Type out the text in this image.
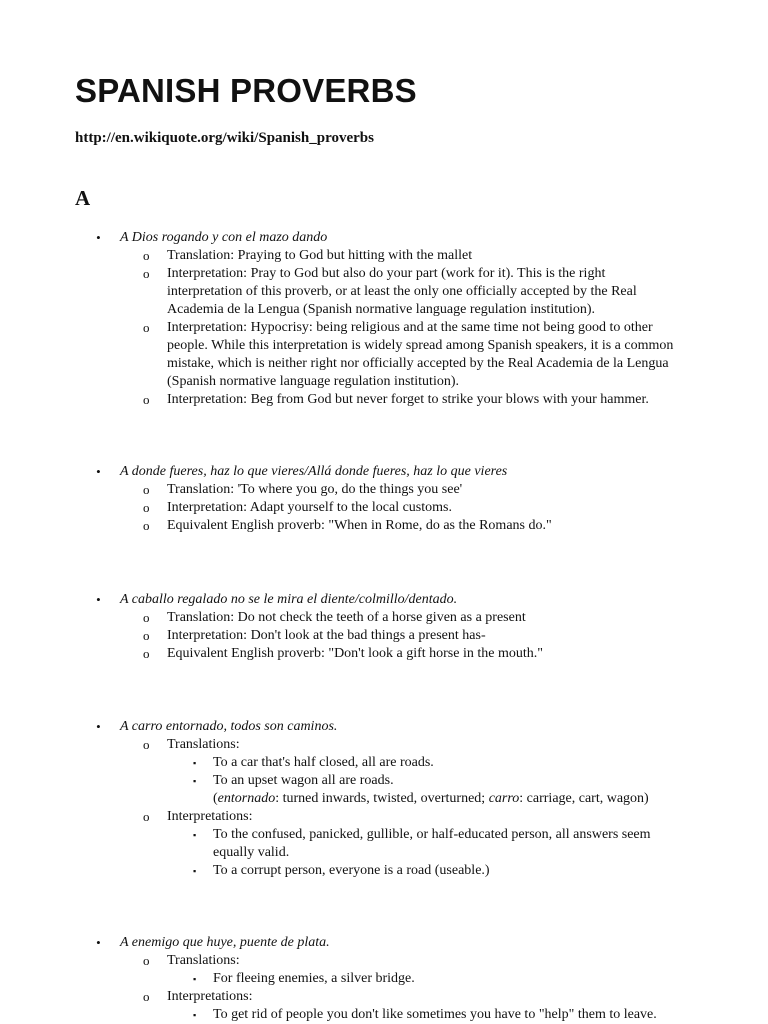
SPANISH PROVERBS
http://en.wikiquote.org/wiki/Spanish_proverbs
A
• A Dios rogando y con el mazo dando
o Translation: Praying to God but hitting with the mallet
o Interpretation: Pray to God but also do your part (work for it). This is the right
interpretation of this proverb, or at least the only one officially accepted by the Real
Academia de la Lengua (Spanish normative language regulation institution).
o Interpretation: Hypocrisy: being religious and at the same time not being good to other
people. While this interpretation is widely spread among Spanish speakers, it is a common
mistake, which is neither right nor officially accepted by the Real Academia de la Lengua
(Spanish normative language regulation institution).
o Interpretation: Beg from God but never forget to strike your blows with your hammer.
• A donde fueres, haz lo que vieres/Allá donde fueres, haz lo que vieres
o Translation: 'To where you go, do the things you see'
o Interpretation: Adapt yourself to the local customs.
o Equivalent English proverb: "When in Rome, do as the Romans do."
• A caballo regalado no se le mira el diente/colmillo/dentado.
o Translation: Do not check the teeth of a horse given as a present
o Interpretation: Don't look at the bad things a present has-
o Equivalent English proverb: "Don't look a gift horse in the mouth."
• A carro entornado, todos son caminos.
o Translations:
▪ To a car that's half closed, all are roads.
▪ To an upset wagon all are roads.
(entornado: turned inwards, twisted, overturned; carro: carriage, cart, wagon)
o Interpretations:
▪ To the confused, panicked, gullible, or half-educated person, all answers seem
equally valid.
▪ To a corrupt person, everyone is a road (useable.)
• A enemigo que huye, puente de plata.
o Translations:
▪ For fleeing enemies, a silver bridge.
o Interpretations:
▪ To get rid of people you don't like sometimes you have to "help" them to leave.
